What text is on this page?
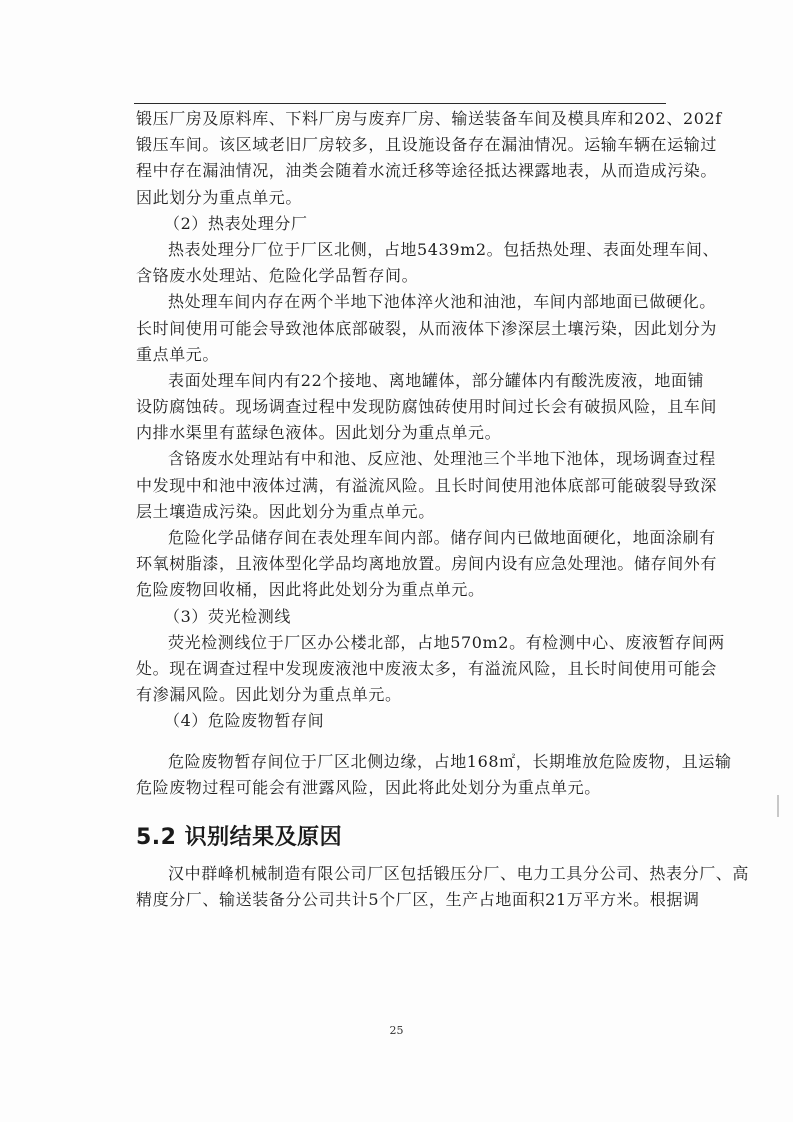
锻压厂房及原料库、下料厂房与废弃厂房、输送装备车间及模具库和202、202f
锻压车间。该区域老旧厂房较多，且设施设备存在漏油情况。运输车辆在运输过
程中存在漏油情况，油类会随着水流迁移等途径抵达裸露地表，从而造成污染。
因此划分为重点单元。
（2）热表处理分厂
热表处理分厂位于厂区北侧，占地5439m2。包括热处理、表面处理车间、
含铬废水处理站、危险化学品暂存间。
热处理车间内存在两个半地下池体淬火池和油池，车间内部地面已做硬化。
长时间使用可能会导致池体底部破裂，从而液体下渗深层土壤污染，因此划分为
重点单元。
表面处理车间内有22个接地、离地罐体，部分罐体内有酸洗废液，地面铺
设防腐蚀砖。现场调查过程中发现防腐蚀砖使用时间过长会有破损风险，且车间
内排水渠里有蓝绿色液体。因此划分为重点单元。
含铬废水处理站有中和池、反应池、处理池三个半地下池体，现场调查过程
中发现中和池中液体过满，有溢流风险。且长时间使用池体底部可能破裂导致深
层土壤造成污染。因此划分为重点单元。
危险化学品储存间在表处理车间内部。储存间内已做地面硬化，地面涂刷有
环氧树脂漆，且液体型化学品均离地放置。房间内设有应急处理池。储存间外有
危险废物回收桶，因此将此处划分为重点单元。
（3）荧光检测线
荧光检测线位于厂区办公楼北部，占地570m2。有检测中心、废液暂存间两
处。现在调查过程中发现废液池中废液太多，有溢流风险，且长时间使用可能会
有渗漏风险。因此划分为重点单元。
（4）危险废物暂存间
危险废物暂存间位于厂区北侧边缘，占地168㎡，长期堆放危险废物，且运输
危险废物过程可能会有泄露风险，因此将此处划分为重点单元。
5.2 识别结果及原因
汉中群峰机械制造有限公司厂区包括锻压分厂、电力工具分公司、热表分厂、高
精度分厂、输送装备分公司共计5个厂区，生产占地面积21万平方米。根据调
25
